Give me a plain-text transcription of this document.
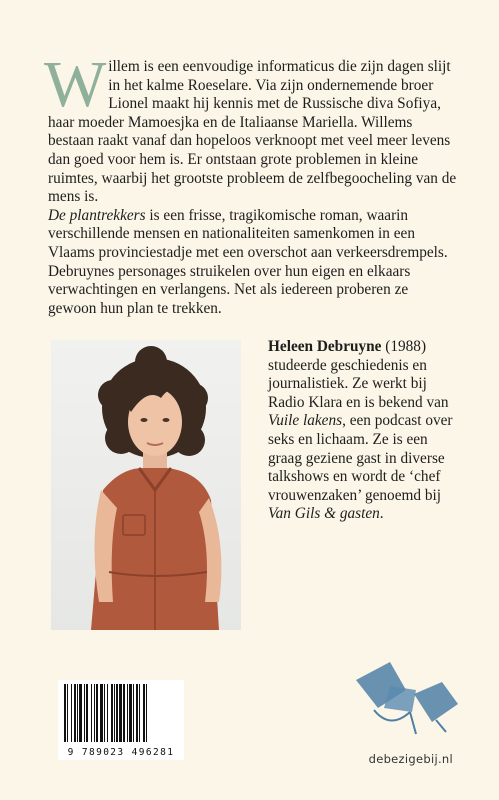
Willem is een eenvoudige informaticus die zijn dagen slijt in het kalme Roeselare. Via zijn ondernemende broer Lionel maakt hij kennis met de Russische diva Sofiya, haar moeder Mamoesjka en de Italiaanse Mariella. Willems bestaan raakt vanaf dan hopeloos verknoopt met veel meer levens dan goed voor hem is. Er ontstaan grote problemen in kleine ruimtes, waarbij het grootste probleem de zelfbegoocheling van de mens is.

De plantrekkers is een frisse, tragikomische roman, waarin verschillende mensen en nationaliteiten samenkomen in een Vlaams provinciestadje met een overschot aan verkeersdrempels. Debruynes personages struikelen over hun eigen en elkaars verwachtingen en verlangens. Net als iedereen proberen ze gewoon hun plan te trekken.

Heleen Debruyne (1988) studeerde geschiedenis en journalistiek. Ze werkt bij Radio Klara en is bekend van Vuile lakens, een podcast over seks en lichaam. Ze is een graag geziene gast in diverse talkshows en wordt de ‘chef vrouwenzaken’ genoemd bij Van Gils & gasten.

9 789023 496281	debezigebij.nl
